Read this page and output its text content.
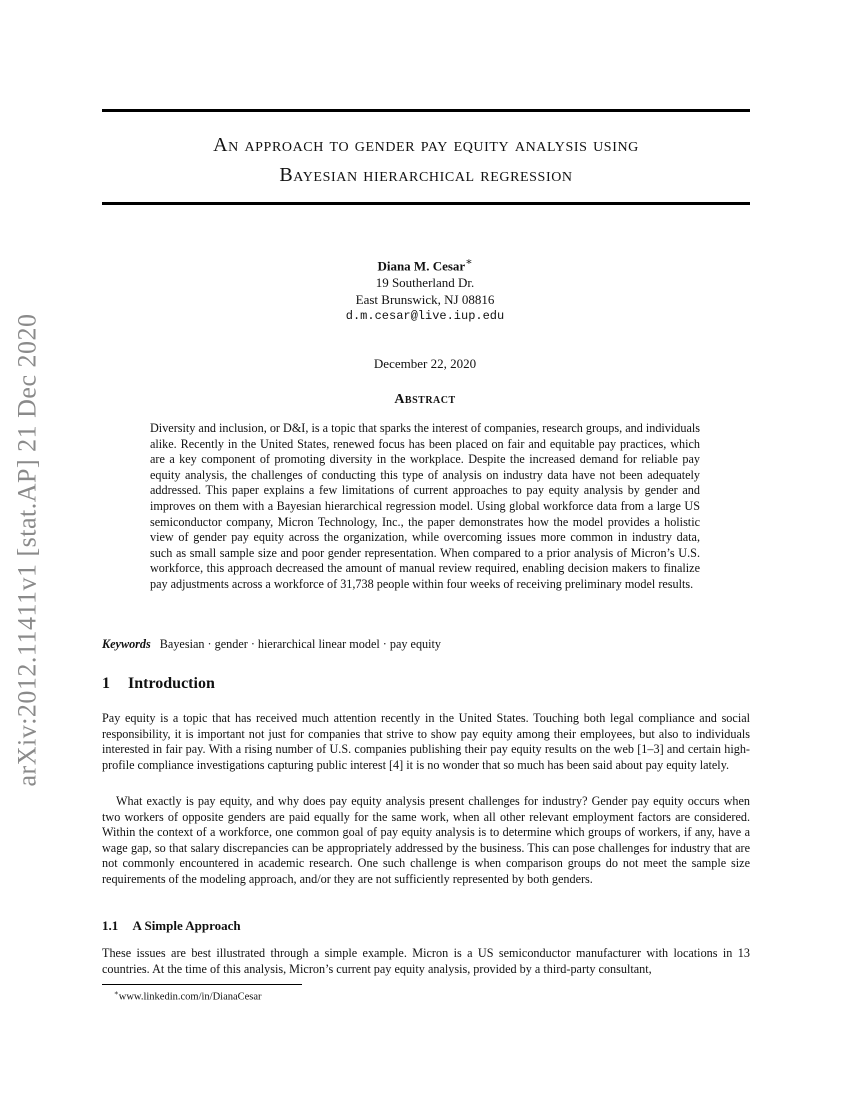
arXiv:2012.11411v1 [stat.AP] 21 Dec 2020
An approach to gender pay equity analysis using
Bayesian hierarchical regression
Diana M. Cesar∗
19 Southerland Dr.
East Brunswick, NJ 08816
d.m.cesar@live.iup.edu
December 22, 2020
Abstract
Diversity and inclusion, or D&I, is a topic that sparks the interest of companies, research groups, and individuals alike. Recently in the United States, renewed focus has been placed on fair and equitable pay practices, which are a key component of promoting diversity in the workplace. Despite the increased demand for reliable pay equity analysis, the challenges of conducting this type of analysis on industry data have not been adequately addressed. This paper explains a few limitations of current approaches to pay equity analysis by gender and improves on them with a Bayesian hierarchical regression model. Using global workforce data from a large US semiconductor company, Micron Technology, Inc., the paper demonstrates how the model provides a holistic view of gender pay equity across the organization, while overcoming issues more common in industry data, such as small sample size and poor gender representation. When compared to a prior analysis of Micron’s U.S. workforce, this approach decreased the amount of manual review required, enabling decision makers to finalize pay adjustments across a workforce of 31,738 people within four weeks of receiving preliminary model results.
Keywords Bayesian · gender · hierarchical linear model · pay equity
1 Introduction

Pay equity is a topic that has received much attention recently in the United States. Touching both legal compliance and social responsibility, it is important not just for companies that strive to show pay equity among their employees, but also to individuals interested in fair pay. With a rising number of U.S. companies publishing their pay equity results on the web [1–3] and certain high-profile compliance investigations capturing public interest [4] it is no wonder that so much has been said about pay equity lately.

What exactly is pay equity, and why does pay equity analysis present challenges for industry? Gender pay equity occurs when two workers of opposite genders are paid equally for the same work, when all other relevant employment factors are considered. Within the context of a workforce, one common goal of pay equity analysis is to determine which groups of workers, if any, have a wage gap, so that salary discrepancies can be appropriately addressed by the business. This can pose challenges for industry that are not commonly encountered in academic research. One such challenge is when comparison groups do not meet the sample size requirements of the modeling approach, and/or they are not sufficiently represented by both genders.

1.1 A Simple Approach

These issues are best illustrated through a simple example. Micron is a US semiconductor manufacturer with locations in 13 countries. At the time of this analysis, Micron’s current pay equity analysis, provided by a third-party consultant,

∗www.linkedin.com/in/DianaCesar
